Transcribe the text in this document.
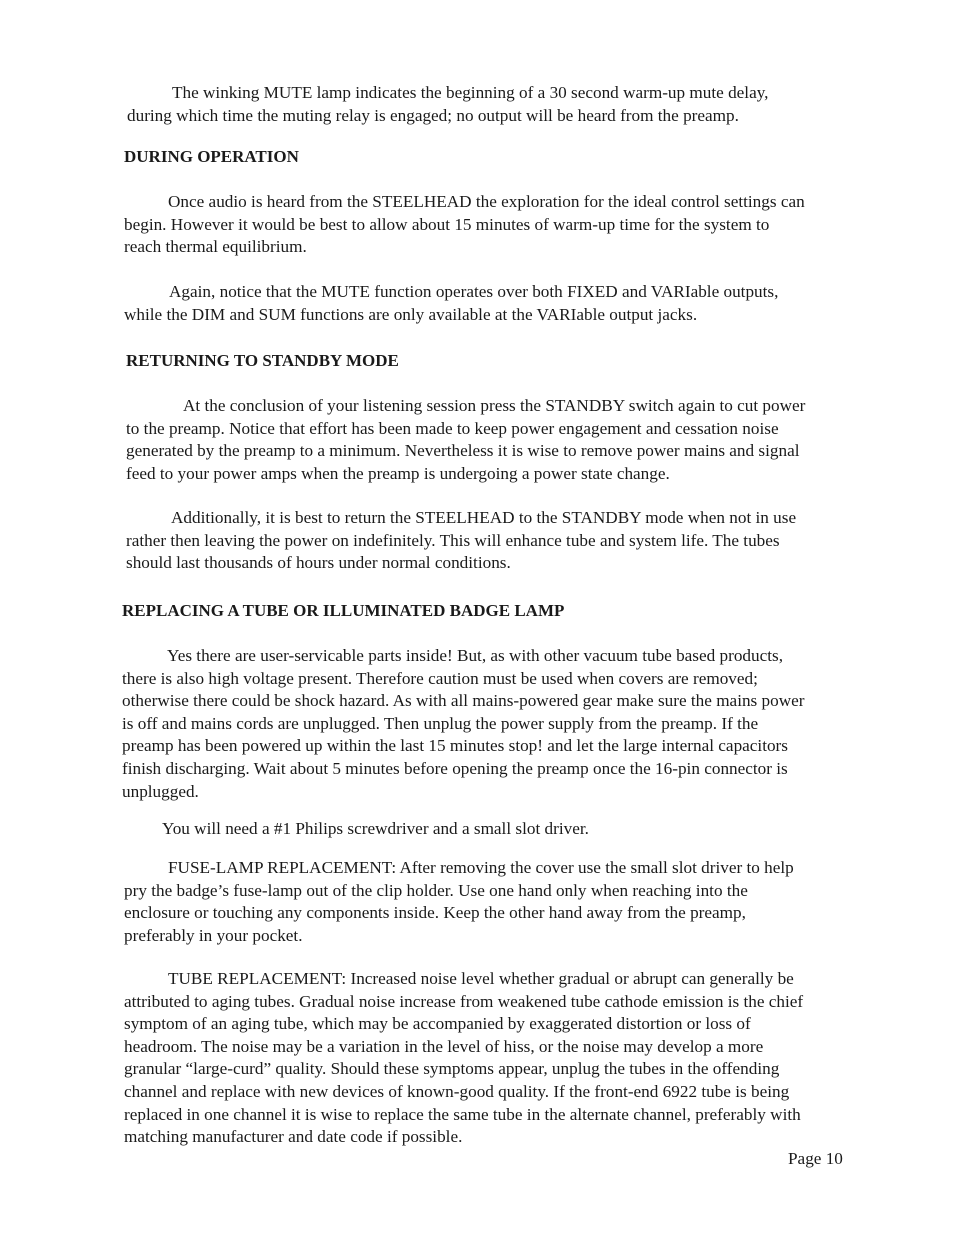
The winking MUTE lamp indicates the beginning of a 30 second warm-up mute delay,
during which time the muting relay is engaged; no output will be heard from the preamp.
DURING OPERATION
Once audio is heard from the STEELHEAD the exploration for the ideal control settings can
begin. However it would be best to allow about 15 minutes of warm-up time for the system to
reach thermal equilibrium.
Again, notice that the MUTE function operates over both FIXED and VARIable outputs,
while the DIM and SUM functions are only available at the VARIable output jacks.
RETURNING TO STANDBY MODE
At the conclusion of your listening session press the STANDBY switch again to cut power
to the preamp. Notice that effort has been made to keep power engagement and cessation noise
generated by the preamp to a minimum. Nevertheless it is wise to remove power mains and signal
feed to your power amps when the preamp is undergoing a power state change.
Additionally, it is best to return the STEELHEAD to the STANDBY mode when not in use
rather then leaving the power on indefinitely. This will enhance tube and system life. The tubes
should last thousands of hours under normal conditions.
REPLACING A TUBE OR ILLUMINATED BADGE LAMP
Yes there are user-servicable parts inside! But, as with other vacuum tube based products,
there is also high voltage present. Therefore caution must be used when covers are removed;
otherwise there could be shock hazard. As with all mains-powered gear make sure the mains power
is off and mains cords are unplugged. Then unplug the power supply from the preamp. If the
preamp has been powered up within the last 15 minutes stop! and let the large internal capacitors
finish discharging. Wait about 5 minutes before opening the preamp once the 16-pin connector is
unplugged.
You will need a #1 Philips screwdriver and a small slot driver.
FUSE-LAMP REPLACEMENT: After removing the cover use the small slot driver to help
pry the badge’s fuse-lamp out of the clip holder. Use one hand only when reaching into the
enclosure or touching any components inside. Keep the other hand away from the preamp,
preferably in your pocket.
TUBE REPLACEMENT: Increased noise level whether gradual or abrupt can generally be
attributed to aging tubes. Gradual noise increase from weakened tube cathode emission is the chief
symptom of an aging tube, which may be accompanied by exaggerated distortion or loss of
headroom. The noise may be a variation in the level of hiss, or the noise may develop a more
granular “large-curd” quality. Should these symptoms appear, unplug the tubes in the offending
channel and replace with new devices of known-good quality. If the front-end 6922 tube is being
replaced in one channel it is wise to replace the same tube in the alternate channel, preferably with
matching manufacturer and date code if possible.
Page 10
